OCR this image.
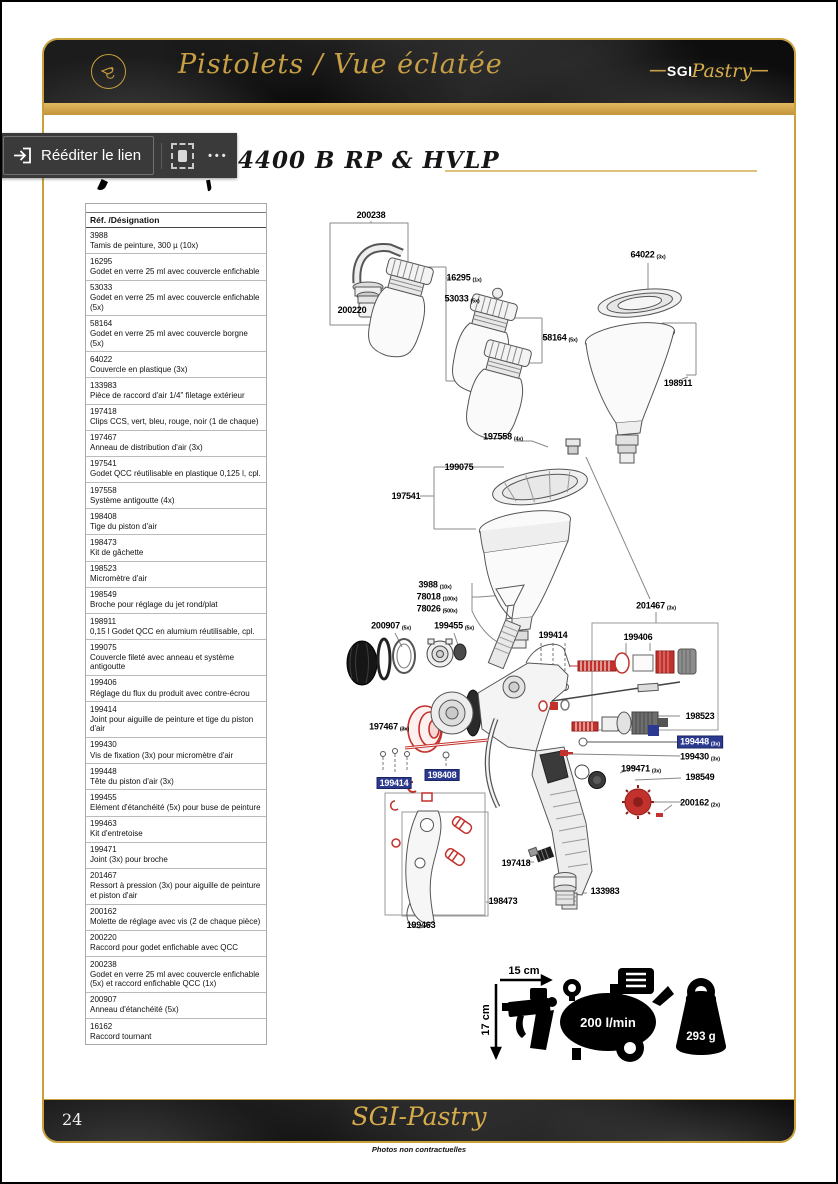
Pistolets / Vue éclatée	— SGI Pastry —
24	SGI-Pastry
Photos non contractuelles
4400 B RP & HVLP
Réf. /Désignation
3988
Tamis de peinture, 300 µ (10x)
16295
Godet en verre 25 ml avec couvercle enfichable
53033
Godet en verre 25 ml avec couvercle enfichable (5x)
58164
Godet en verre 25 ml avec couvercle borgne (5x)
64022
Couvercle en plastique (3x)
133983
Pièce de raccord d'air 1/4" filetage extérieur
197418
Clips CCS, vert, bleu, rouge, noir (1 de chaque)
197467
Anneau de distribution d'air (3x)
197541
Godet QCC réutilisable en plastique 0,125 l, cpl.
197558
Système antigoutte (4x)
198408
Tige du piston d'air
198473
Kit de gâchette
198523
Micromètre d'air
198549
Broche pour réglage du jet rond/plat
198911
0,15 l Godet QCC en alumium réutilisable, cpl.
199075
Couvercle fileté avec anneau et système antigoutte
199406
Réglage du flux du produit avec contre-écrou
199414
Joint pour aiguille de peinture et tige du piston d'air
199430
Vis de fixation (3x) pour micromètre d'air
199448
Tête du piston d'air (3x)
199455
Elément d'étanchéité (5x) pour buse de peinture
199463
Kit d'entretoise
199471
Joint (3x) pour broche
201467
Ressort à pression (3x) pour aiguille de peinture et piston d'air
200162
Molette de réglage avec vis (2 de chaque pièce)
200220
Raccord pour godet enfichable avec QCC
200238
Godet en verre 25 ml avec couvercle enfichable (5x) et raccord enfichable QCC (1x)
200907
Anneau d'étanchéité (5x)
16162
Raccord tournant
200238
200220
16295 (1x)
53033 (5x)
58164 (5x)
64022 (3x)
198911
197558 (4x)
199075
197541
3988 (10x)
78018 (100x)
78026 (500x)
200907 (5x)	199455 (5x)
199414
201467 (3x)
199406
197467 (3x)
198523
199448 (3x)
199430 (3x)
199471 (3x)
198549
200162 (2x)
199414
198408
197418
133983
198473
199463
15 cm
17 cm	200 l/min
293 g
Rééditer le lien	•••
